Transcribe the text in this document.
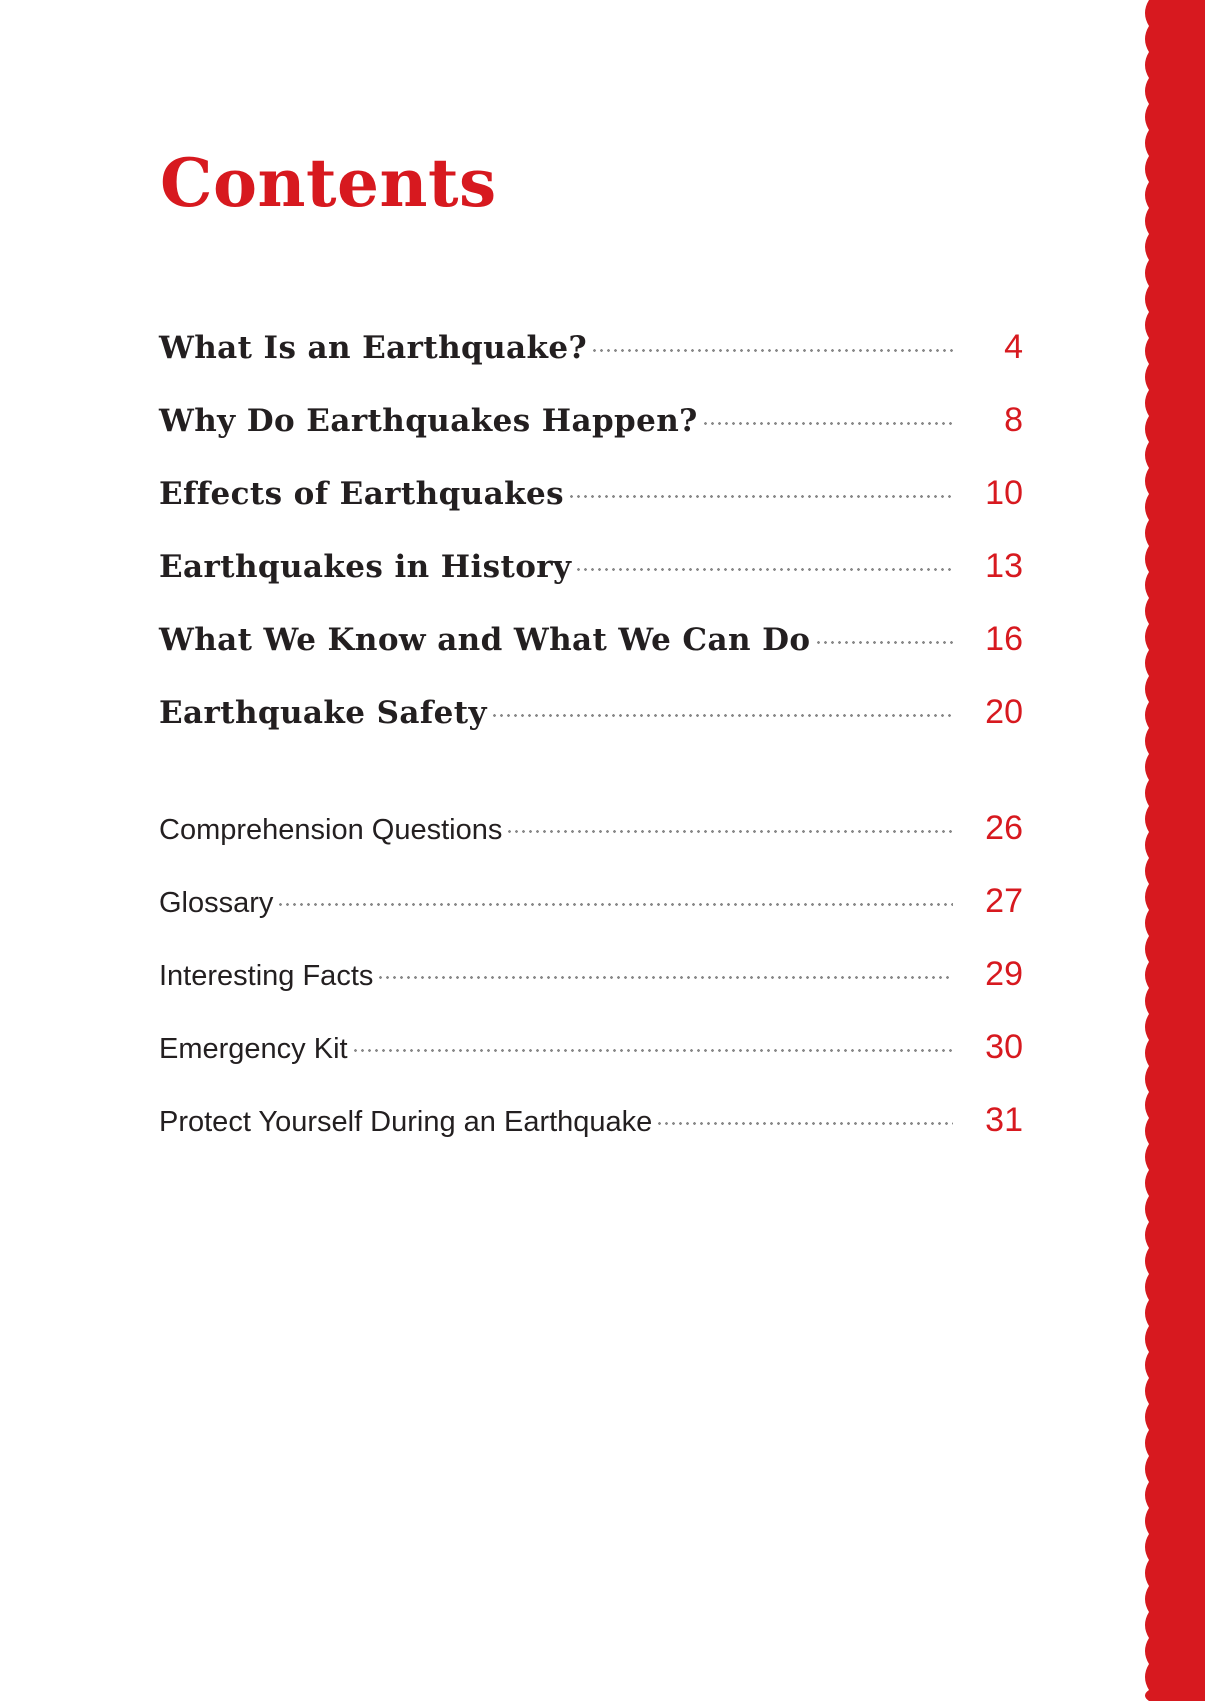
Contents
What Is an Earthquake?	4
Why Do Earthquakes Happen?	8
Effects of Earthquakes	10
Earthquakes in History	13
What We Know and What We Can Do	16
Earthquake Safety	20
Comprehension Questions	26
Glossary	27
Interesting Facts	29
Emergency Kit	30
Protect Yourself During an Earthquake	31
